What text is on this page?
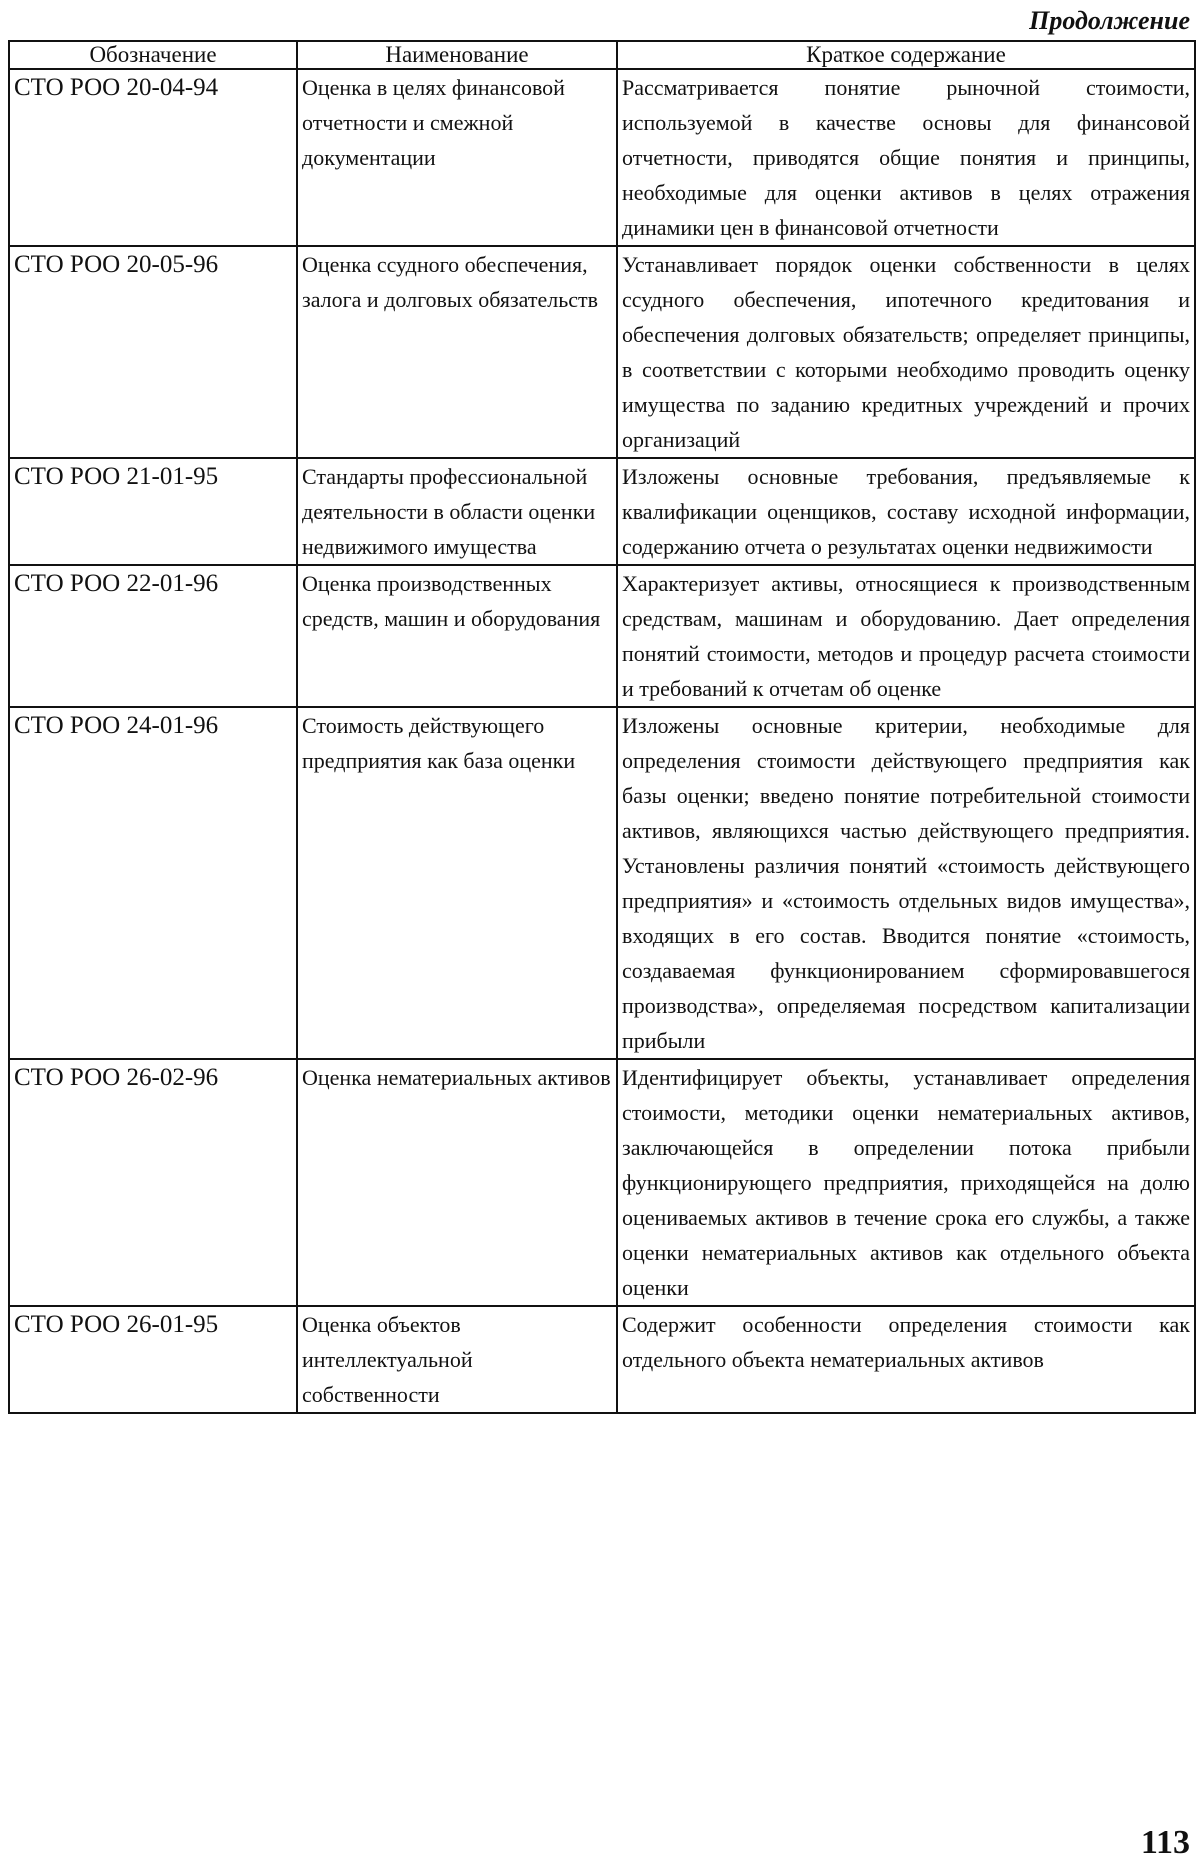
Продолжение
Обозначение	Наименование	Краткое содержание
СТО РОО 20-04-94	Оценка в целях финансовой отчетности и смежной документации	Рассматривается понятие рыночной стоимости, используемой в качестве основы для финансовой отчетности, приводятся общие понятия и принципы, необходимые для оценки активов в целях отражения динамики цен в финансовой отчетности
СТО РОО 20-05-96	Оценка ссудного обеспечения, залога и долговых обязательств	Устанавливает порядок оценки собственности в целях ссудного обеспечения, ипотечного кредитования и обеспечения долговых обязательств; определяет принципы, в соответствии с которыми необходимо проводить оценку имущества по заданию кредитных учреждений и прочих организаций
СТО РОО 21-01-95	Стандарты профессиональной деятельности в области оценки недвижимого имущества	Изложены основные требования, предъявляемые к квалификации оценщиков, составу исходной информации, содержанию отчета о результатах оценки недвижимости
СТО РОО 22-01-96	Оценка производственных средств, машин и оборудования	Характеризует активы, относящиеся к производственным средствам, машинам и оборудованию. Дает определения понятий стоимости, методов и процедур расчета стоимости и требований к отчетам об оценке
СТО РОО 24-01-96	Стоимость действующего предприятия как база оценки	Изложены основные критерии, необходимые для определения стоимости действующего предприятия как базы оценки; введено понятие потребительной стоимости активов, являющихся частью действующего предприятия. Установлены различия понятий «стоимость действующего предприятия» и «стоимость отдельных видов имущества», входящих в его состав. Вводится понятие «стоимость, создаваемая функционированием сформировавшегося производства», определяемая посредством капитализации прибыли
СТО РОО 26-02-96	Оценка нематериальных активов	Идентифицирует объекты, устанавливает определения стоимости, методики оценки нематериальных активов, заключающейся в определении потока прибыли функционирующего предприятия, приходящейся на долю оцениваемых активов в течение срока его службы, а также оценки нематериальных активов как отдельного объекта оценки
СТО РОО 26-01-95	Оценка объектов интеллектуальной собственности	Содержит особенности определения стоимости как отдельного объекта нематериальных активов
113
